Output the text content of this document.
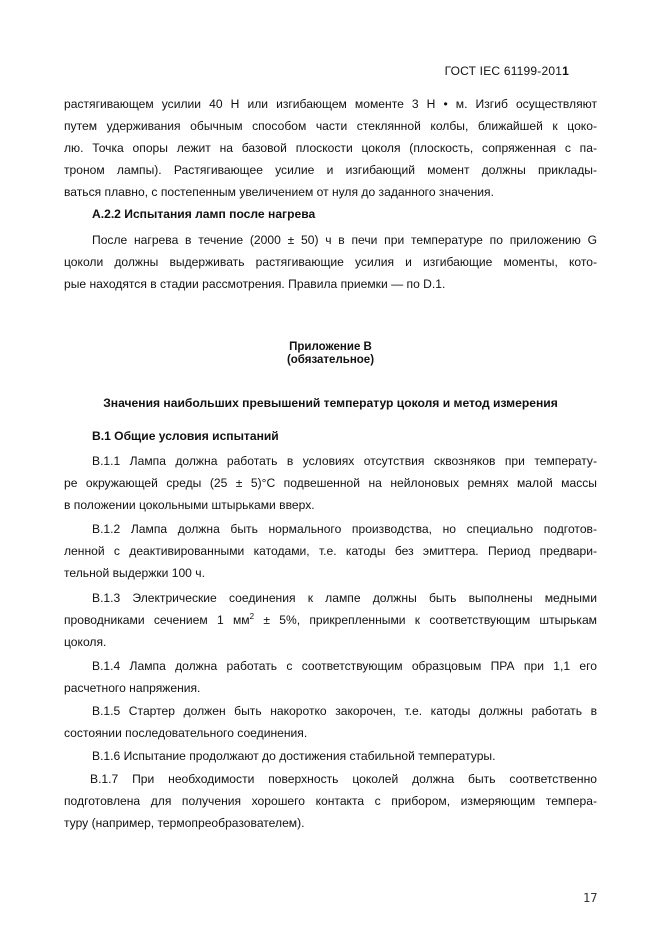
ГОСТ IEC 61199-2011
растягивающем усилии 40 Н или изгибающем моменте 3 Н • м. Изгиб осуществляют
путем удерживания обычным способом части стеклянной колбы, ближайшей к цоко-
лю. Точка опоры лежит на базовой плоскости цоколя (плоскость, сопряженная с па-
троном лампы). Растягивающее усилие и изгибающий момент должны приклады-
ваться плавно, с постепенным увеличением от нуля до заданного значения.
А.2.2 Испытания ламп после нагрева
После нагрева в течение (2000 ± 50) ч в печи при температуре по приложению G
цоколи должны выдерживать растягивающие усилия и изгибающие моменты, кото-
рые находятся в стадии рассмотрения. Правила приемки — по D.1.
Приложение В
(обязательное)
Значения наибольших превышений температур цоколя и метод измерения
В.1 Общие условия испытаний
В.1.1 Лампа должна работать в условиях отсутствия сквозняков при температу-
ре окружающей среды (25 ± 5)°С подвешенной на нейлоновых ремнях малой массы
в положении цокольными штырьками вверх.
В.1.2 Лампа должна быть нормального производства, но специально подготов-
ленной с деактивированными катодами, т.е. катоды без эмиттера. Период предвари-
тельной выдержки 100 ч.
В.1.3 Электрические соединения к лампе должны быть выполнены медными
проводниками сечением 1 $мм^2 \pm 5\%$, прикрепленными к соответствующим штырькам
цоколя.
В.1.4 Лампа должна работать с соответствующим образцовым ПРА при 1,1 его
расчетного напряжения.
В.1.5 Стартер должен быть накоротко закорочен, т.е. катоды должны работать в
состоянии последовательного соединения.
В.1.6 Испытание продолжают до достижения стабильной температуры.
В.1.7 При необходимости поверхность цоколей должна быть соответственно
подготовлена для получения хорошего контакта с прибором, измеряющим темпера-
туру (например, термопреобразователем).
17
